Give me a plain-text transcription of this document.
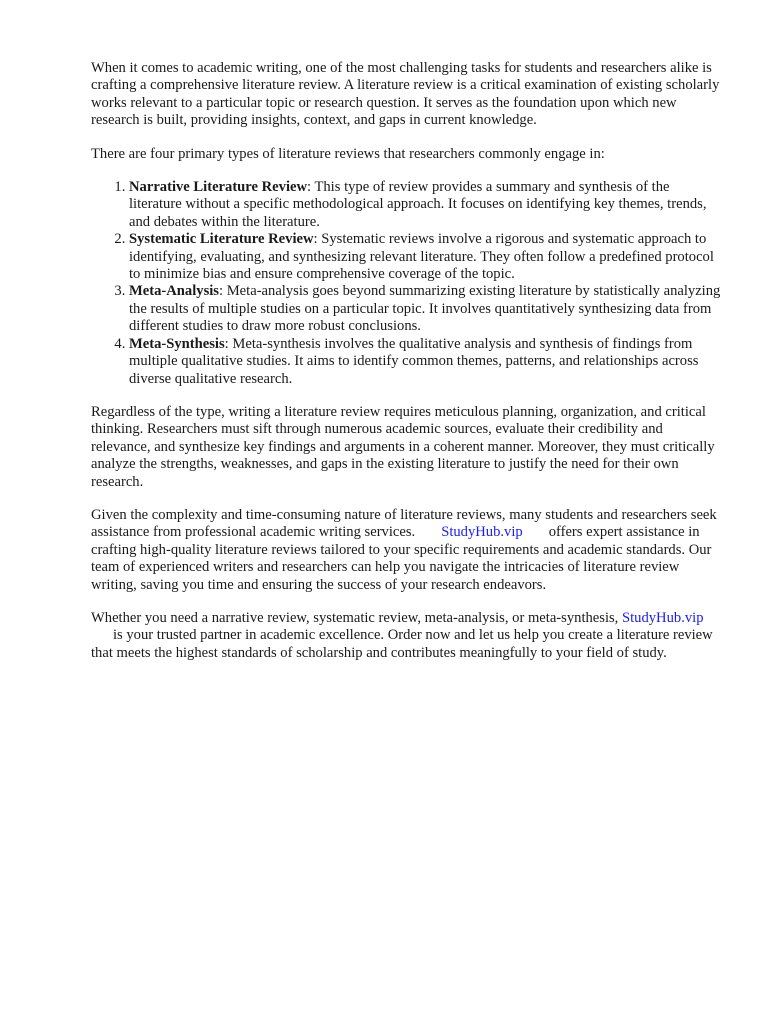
When it comes to academic writing, one of the most challenging tasks for students and researchers alike is crafting a comprehensive literature review. A literature review is a critical examination of existing scholarly works relevant to a particular topic or research question. It serves as the foundation upon which new research is built, providing insights, context, and gaps in current knowledge.

There are four primary types of literature reviews that researchers commonly engage in:

1. Narrative Literature Review: This type of review provides a summary and synthesis of the literature without a specific methodological approach. It focuses on identifying key themes, trends, and debates within the literature.
2. Systematic Literature Review: Systematic reviews involve a rigorous and systematic approach to identifying, evaluating, and synthesizing relevant literature. They often follow a predefined protocol to minimize bias and ensure comprehensive coverage of the topic.
3. Meta-Analysis: Meta-analysis goes beyond summarizing existing literature by statistically analyzing the results of multiple studies on a particular topic. It involves quantitatively synthesizing data from different studies to draw more robust conclusions.
4. Meta-Synthesis: Meta-synthesis involves the qualitative analysis and synthesis of findings from multiple qualitative studies. It aims to identify common themes, patterns, and relationships across diverse qualitative research.

Regardless of the type, writing a literature review requires meticulous planning, organization, and critical thinking. Researchers must sift through numerous academic sources, evaluate their credibility and relevance, and synthesize key findings and arguments in a coherent manner. Moreover, they must critically analyze the strengths, weaknesses, and gaps in the existing literature to justify the need for their own research.

Given the complexity and time-consuming nature of literature reviews, many students and researchers seek assistance from professional academic writing services. StudyHub.vip offers expert assistance in crafting high-quality literature reviews tailored to your specific requirements and academic standards. Our team of experienced writers and researchers can help you navigate the intricacies of literature review writing, saving you time and ensuring the success of your research endeavors.

Whether you need a narrative review, systematic review, meta-analysis, or meta-synthesis, StudyHub.vipis your trusted partner in academic excellence. Order now and let us help you create a literature review that meets the highest standards of scholarship and contributes meaningfully to your field of study.
